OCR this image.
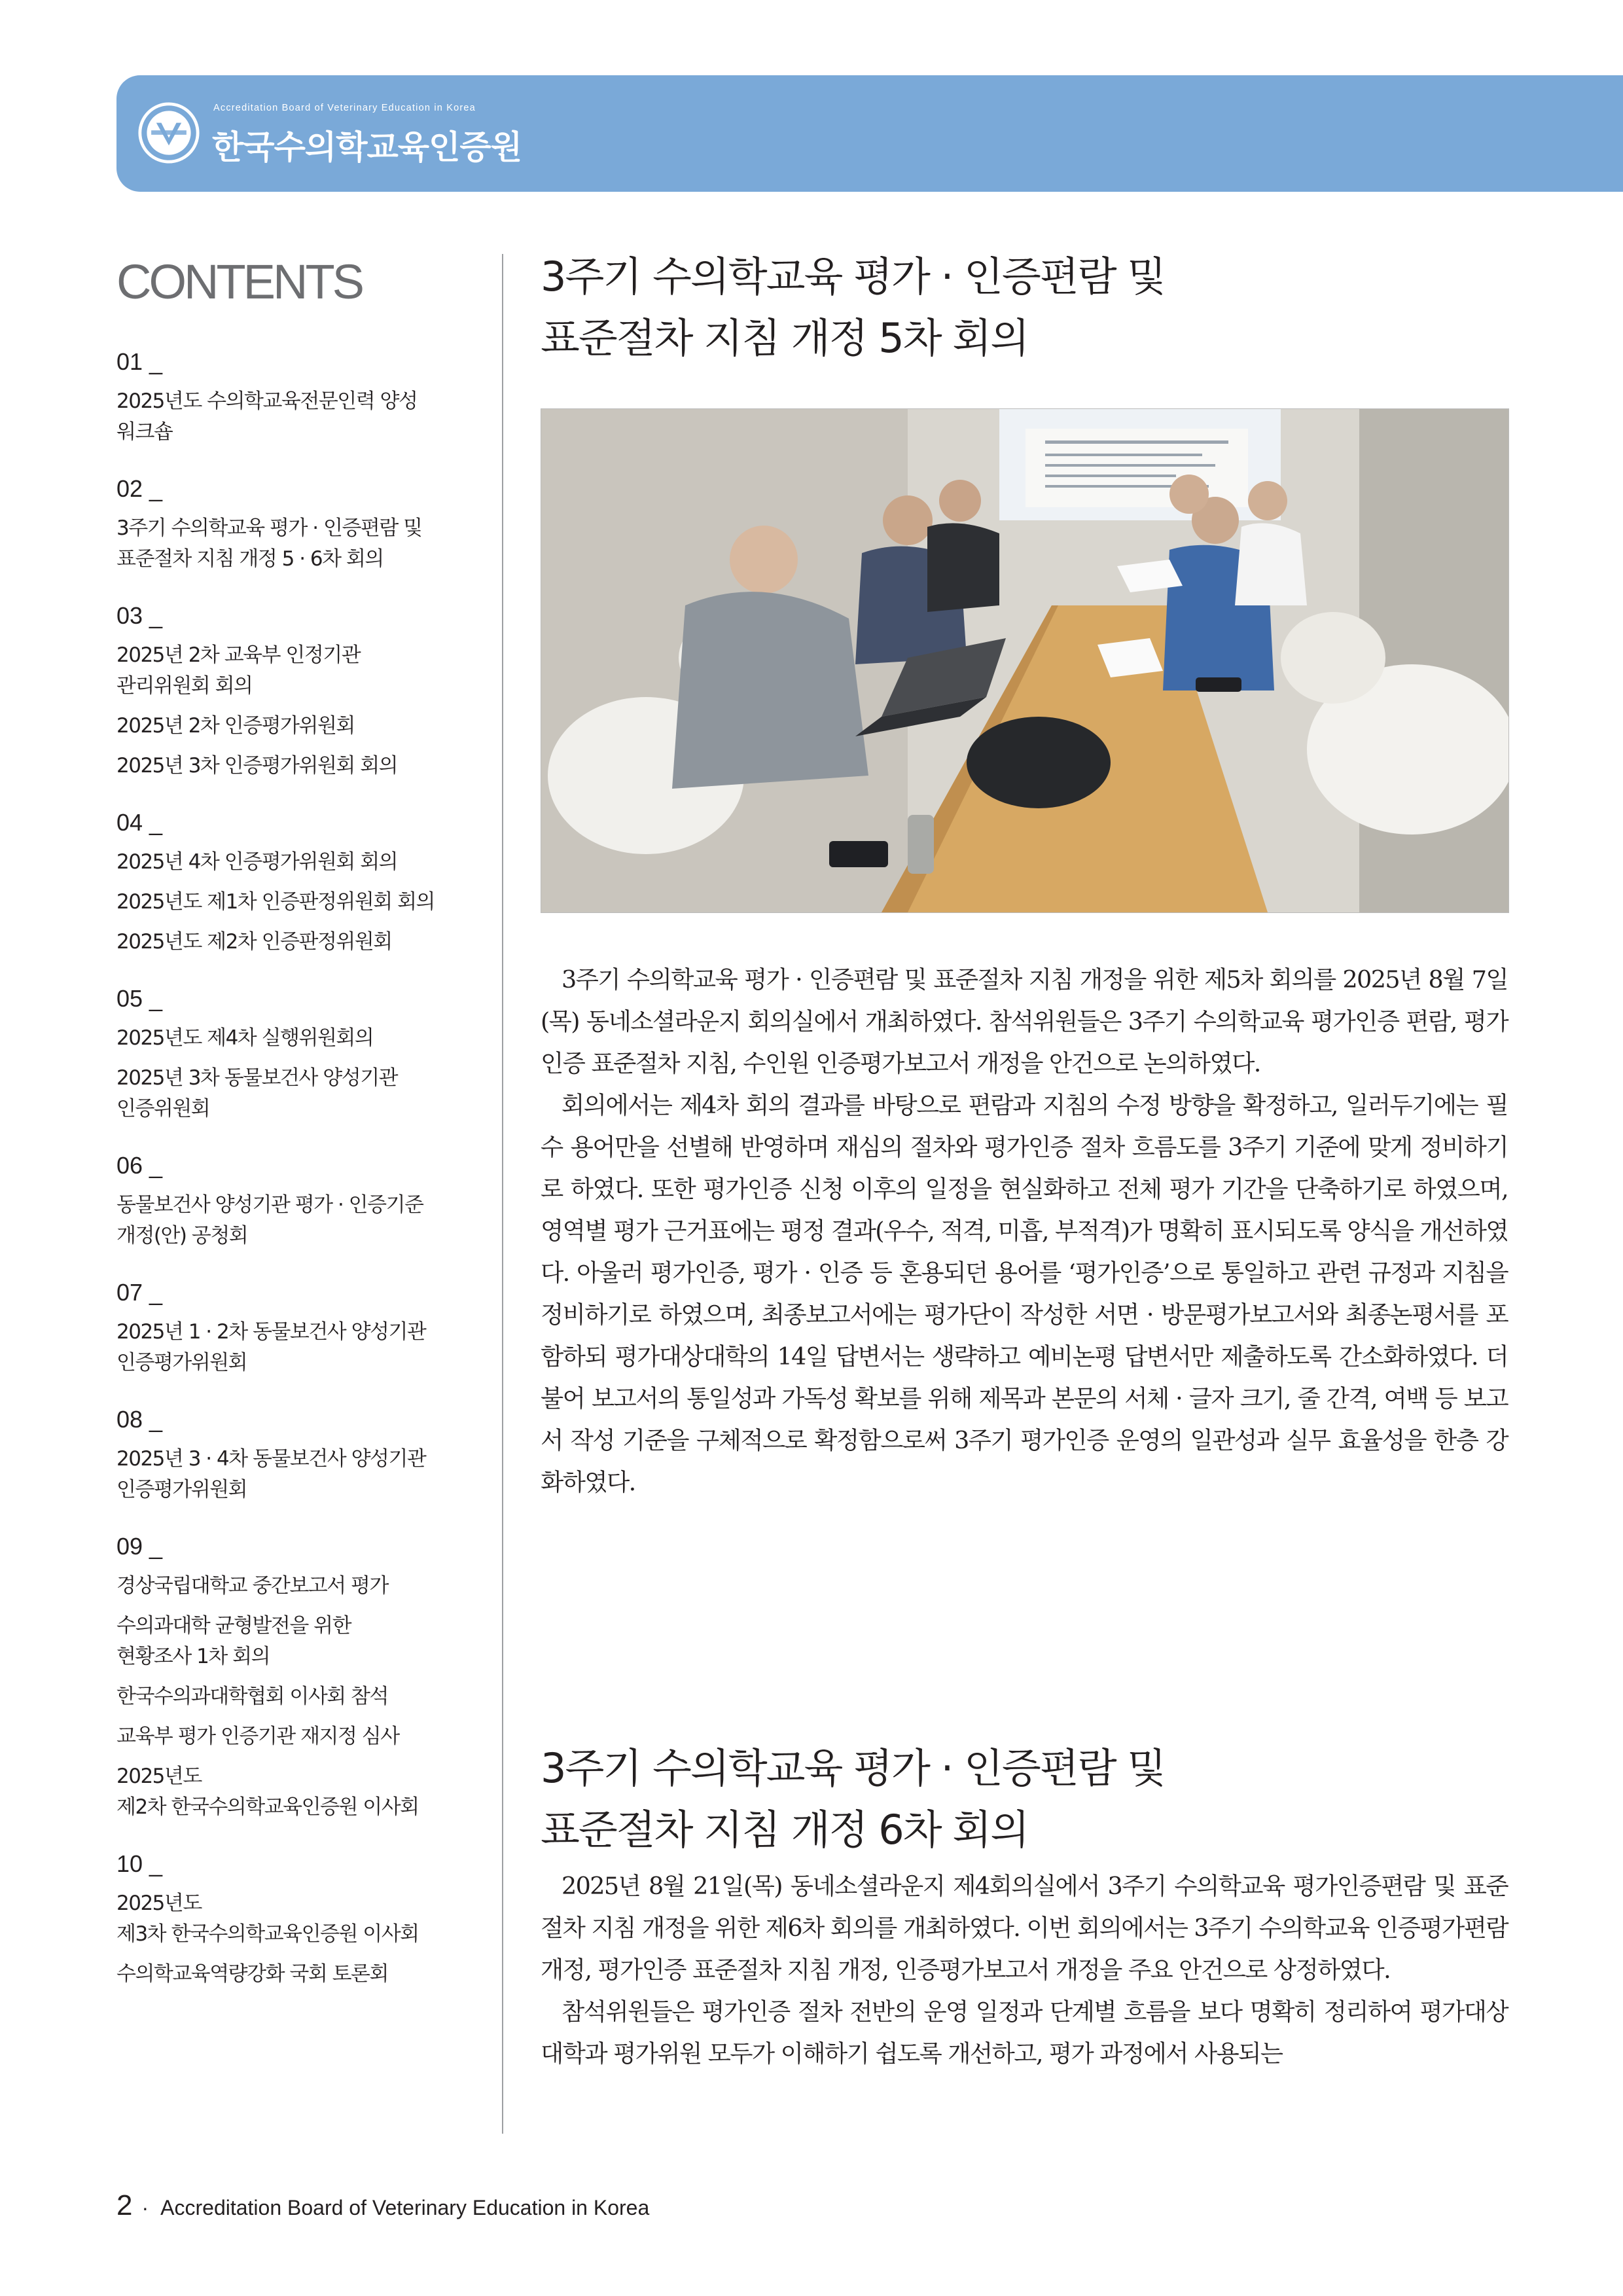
Accreditation Board of Veterinary Education in Korea
한국수의학교육인증원
CONTENTS
01 _
2025년도 수의학교육전문인력 양성
워크숍
02 _
3주기 수의학교육 평가 · 인증편람 및
표준절차 지침 개정 5 · 6차 회의
03 _
2025년 2차 교육부 인정기관
관리위원회 회의
2025년 2차 인증평가위원회
2025년 3차 인증평가위원회 회의
04 _
2025년 4차 인증평가위원회 회의
2025년도 제1차 인증판정위원회 회의
2025년도 제2차 인증판정위원회
05 _
2025년도 제4차 실행위원회의
2025년 3차 동물보건사 양성기관
인증위원회
06 _
동물보건사 양성기관 평가 · 인증기준
개정(안) 공청회
07 _
2025년 1 · 2차 동물보건사 양성기관
인증평가위원회
08 _
2025년 3 · 4차 동물보건사 양성기관
인증평가위원회
09 _
경상국립대학교 중간보고서 평가
수의과대학 균형발전을 위한
현황조사 1차 회의
한국수의과대학협회 이사회 참석
교육부 평가 인증기관 재지정 심사
2025년도
제2차 한국수의학교육인증원 이사회
10 _
2025년도
제3차 한국수의학교육인증원 이사회
수의학교육역량강화 국회 토론회
3주기 수의학교육 평가 · 인증편람 및
표준절차 지침 개정 5차 회의

3주기 수의학교육 평가 · 인증편람 및 표준절차 지침 개정을 위한 제5차 회의를 2025년 8월 7일(목) 동네소셜라운지 회의실에서 개최하였다. 참석위원들은 3주기 수의학교육 평가인증 편람, 평가인증 표준절차 지침, 수인원 인증평가보고서 개정을 안건으로 논의하였다.

회의에서는 제4차 회의 결과를 바탕으로 편람과 지침의 수정 방향을 확정하고, 일러두기에는 필수 용어만을 선별해 반영하며 재심의 절차와 평가인증 절차 흐름도를 3주기 기준에 맞게 정비하기로 하였다. 또한 평가인증 신청 이후의 일정을 현실화하고 전체 평가 기간을 단축하기로 하였으며, 영역별 평가 근거표에는 평정 결과(우수, 적격, 미흡, 부적격)가 명확히 표시되도록 양식을 개선하였다. 아울러 평가인증, 평가 · 인증 등 혼용되던 용어를 ‘평가인증’으로 통일하고 관련 규정과 지침을 정비하기로 하였으며, 최종보고서에는 평가단이 작성한 서면 · 방문평가보고서와 최종논평서를 포함하되 평가대상대학의 14일 답변서는 생략하고 예비논평 답변서만 제출하도록 간소화하였다. 더불어 보고서의 통일성과 가독성 확보를 위해 제목과 본문의 서체 · 글자 크기, 줄 간격, 여백 등 보고서 작성 기준을 구체적으로 확정함으로써 3주기 평가인증 운영의 일관성과 실무 효율성을 한층 강화하였다.

3주기 수의학교육 평가 · 인증편람 및
표준절차 지침 개정 6차 회의

2025년 8월 21일(목) 동네소셜라운지 제4회의실에서 3주기 수의학교육 평가인증편람 및 표준절차 지침 개정을 위한 제6차 회의를 개최하였다. 이번 회의에서는 3주기 수의학교육 인증평가편람 개정, 평가인증 표준절차 지침 개정, 인증평가보고서 개정을 주요 안건으로 상정하였다.

참석위원들은 평가인증 절차 전반의 운영 일정과 단계별 흐름을 보다 명확히 정리하여 평가대상대학과 평가위원 모두가 이해하기 쉽도록 개선하고, 평가 과정에서 사용되는

2 · Accreditation Board of Veterinary Education in Korea
